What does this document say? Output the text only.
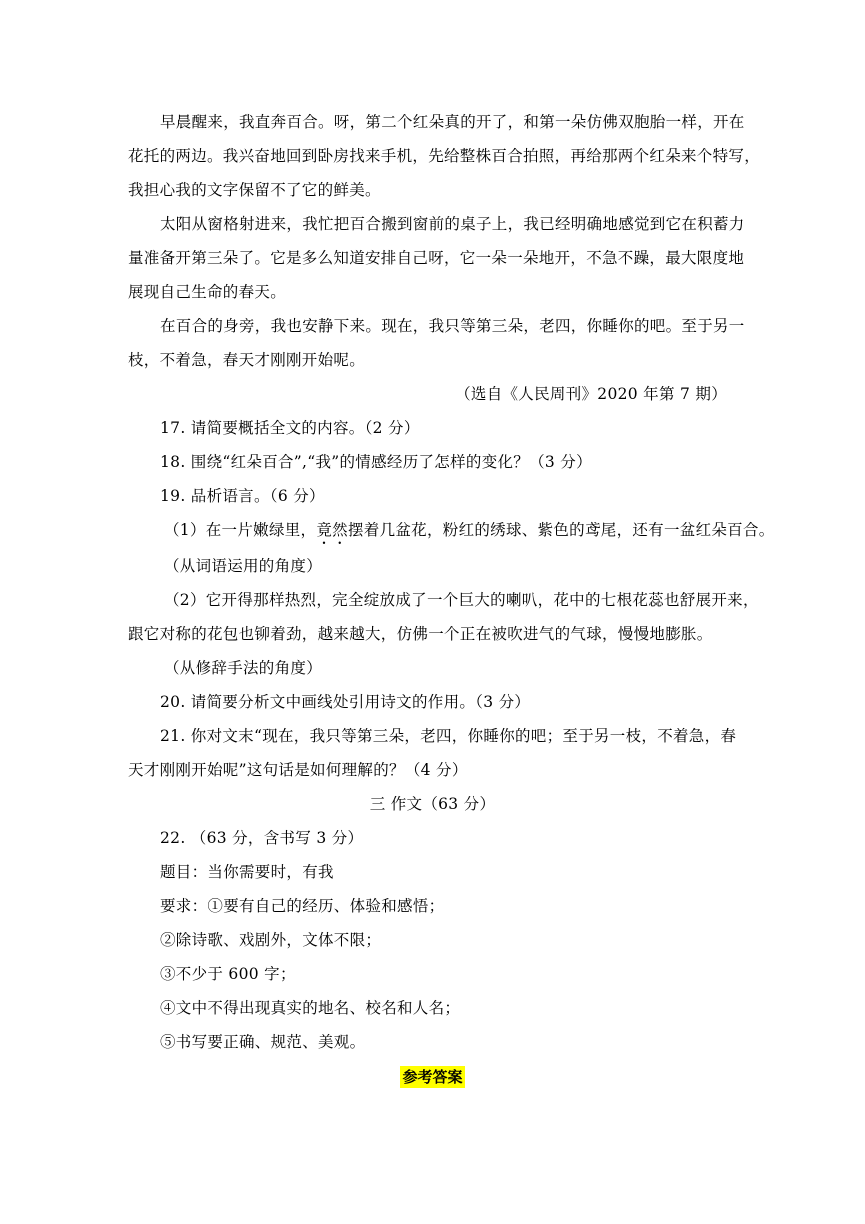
早晨醒来，我直奔百合。呀，第二个红朵真的开了，和第一朵仿佛双胞胎一样，开在
花托的两边。我兴奋地回到卧房找来手机，先给整株百合拍照，再给那两个红朵来个特写，
我担心我的文字保留不了它的鲜美。
太阳从窗格射进来，我忙把百合搬到窗前的桌子上，我已经明确地感觉到它在积蓄力
量准备开第三朵了。它是多么知道安排自己呀，它一朵一朵地开，不急不躁，最大限度地
展现自己生命的春天。
在百合的身旁，我也安静下来。现在，我只等第三朵，老四，你睡你的吧。至于另一
枝，不着急，春天才刚刚开始呢。
（选自《人民周刊》2020 年第 7 期）
17. 请简要概括全文的内容。（2 分）
18. 围绕“红朵百合”,“我”的情感经历了怎样的变化？（3 分）
19. 品析语言。（6 分）
（1）在一片嫩绿里，竟然摆着几盆花，粉红的绣球、紫色的鸢尾，还有一盆红朵百合。
（从词语运用的角度）
（2）它开得那样热烈，完全绽放成了一个巨大的喇叭，花中的七根花蕊也舒展开来，
跟它对称的花包也铆着劲，越来越大，仿佛一个正在被吹进气的气球，慢慢地膨胀。
（从修辞手法的角度）
20. 请简要分析文中画线处引用诗文的作用。（3 分）
21. 你对文末“现在，我只等第三朵，老四，你睡你的吧；至于另一枝，不着急，春
天才刚刚开始呢”这句话是如何理解的？（4 分）
三 作文（63 分）
22. （63 分，含书写 3 分）
题目：当你需要时，有我
要求：①要有自己的经历、体验和感悟；
②除诗歌、戏剧外，文体不限；
③不少于 600 字；
④文中不得出现真实的地名、校名和人名；
⑤书写要正确、规范、美观。
参考答案
